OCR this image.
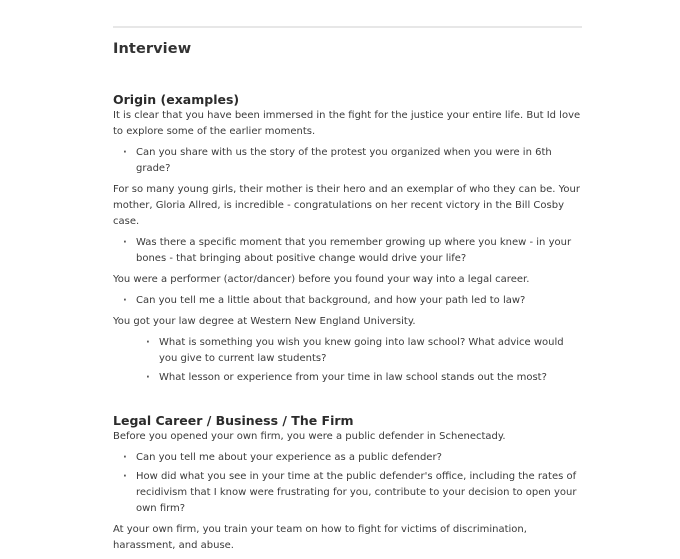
Interview
Origin (examples)

It is clear that you have been immersed in the fight for the justice your entire life. But Id love to explore some of the earlier moments.

· Can you share with us the story of the protest you organized when you were in 6th grade?

For so many young girls, their mother is their hero and an exemplar of who they can be. Your mother, Gloria Allred, is incredible - congratulations on her recent victory in the Bill Cosby case.

· Was there a specific moment that you remember growing up where you knew - in your bones - that bringing about positive change would drive your life?

You were a performer (actor/dancer) before you found your way into a legal career.

· Can you tell me a little about that background, and how your path led to law?

You got your law degree at Western New England University.

· What is something you wish you knew going into law school? What advice would you give to current law students?
· What lesson or experience from your time in law school stands out the most?
Legal Career / Business / The Firm

Before you opened your own firm, you were a public defender in Schenectady.

· Can you tell me about your experience as a public defender?
· How did what you see in your time at the public defender's office, including the rates of recidivism that I know were frustrating for you, contribute to your decision to open your own firm?

At your own firm, you train your team on how to fight for victims of discrimination, harassment, and abuse.
